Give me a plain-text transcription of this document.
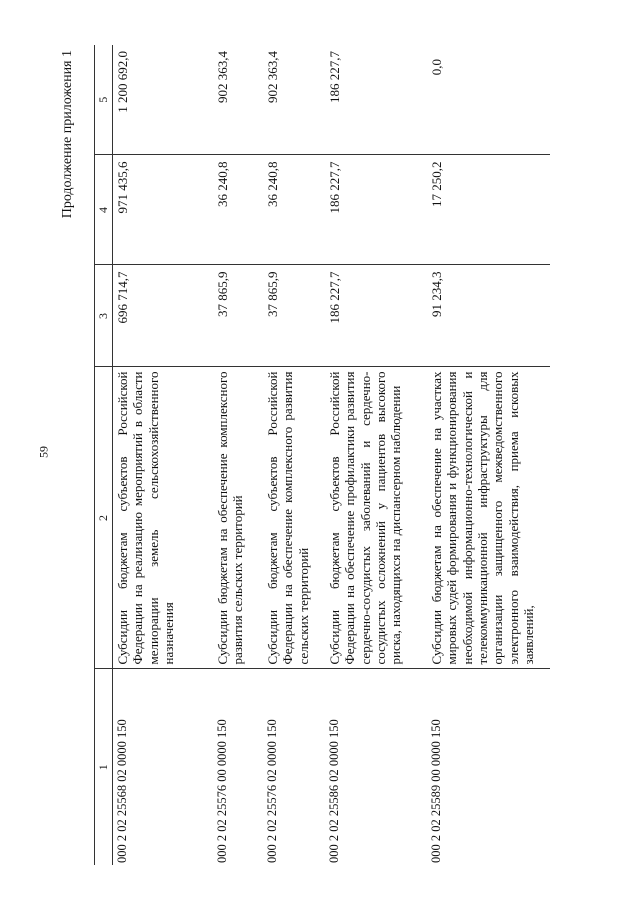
59
Продолжение приложения 1
1	2	3	4	5
000 2 02 25568 02 0000 150	Субсидии бюджетам субъектов Российской Федерации на реализацию мероприятий в области мелиорации земель сельскохозяйственного назначения	696 714,7	971 435,6	1 200 692,0
000 2 02 25576 00 0000 150	Субсидии бюджетам на обеспечение комплексного развития сельских территорий	37 865,9	36 240,8	902 363,4
000 2 02 25576 02 0000 150	Субсидии бюджетам субъектов Российской Федерации на обеспечение комплексного развития сельских территорий	37 865,9	36 240,8	902 363,4
000 2 02 25586 02 0000 150	Субсидии бюджетам субъектов Российской Федерации на обеспечение профилактики развития сердечно-сосудистых заболеваний и сердечно-сосудистых осложнений у пациентов высокого риска, находящихся на диспансерном наблюдении	186 227,7	186 227,7	186 227,7
000 2 02 25589 00 0000 150	Субсидии бюджетам на обеспечение на участках мировых судей формирования и функционирования необходимой информационно-технологической и телекоммуникационной инфраструктуры для организации защищенного межведомственного электронного взаимодействия, приема исковых заявлений,	91 234,3	17 250,2	0,0
